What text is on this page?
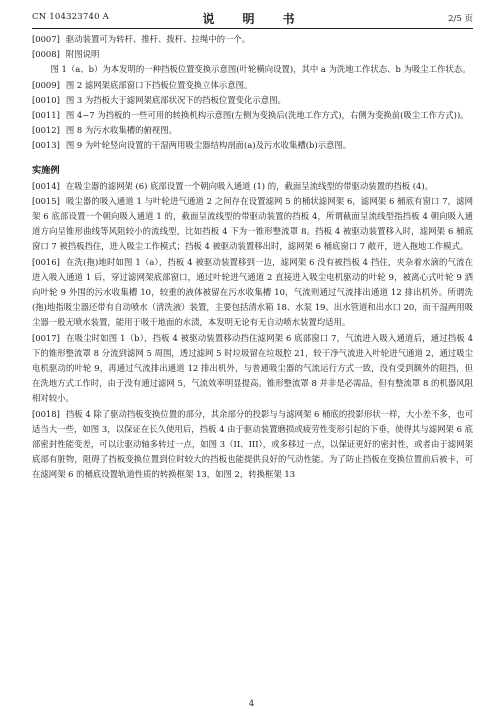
CN 104323740 A	说　明　书	2/5 页

[0007] 驱动装置可为转杆、推杆、拨杆、拉绳中的一个。

[0008] 附图说明

图 1（a、b）为本发明的一种挡板位置变换示意图(叶轮横向设置)，其中 a 为洗地工作状态、b 为吸尘工作状态。

[0009] 图 2 滤网架底部窗口下挡板位置变换立体示意图。

[0010] 图 3 为挡板大于滤网架底部状况下的挡板位置变化示意图。

[0011] 图 4~7 为挡板的一些可用的转换机构示意图(左侧为变换后(洗地工作方式)，右侧为变换前(吸尘工作方式))。

[0012] 图 8 为污水收集槽的俯视图。

[0013] 图 9 为叶轮竖向设置的干湿两用吸尘器结构剖面(a)及污水收集槽(b)示意图。

实施例

[0014] 在吸尘器的滤网架 (6) 底部设置一个朝向吸入通道 (1) 的，截面呈流线型的带驱动装置的挡板 (4)。

[0015] 吸尘器的吸入通道 1 与叶轮进气通道 2 之间存在设置滤网 5 的桶状滤网架 6，滤网架 6 桶底有窗口 7，滤网架 6 底部设置一个朝向吸入通道 1 的，截面呈流线型的带驱动装置的挡板 4，所谓截面呈流线型指挡板 4 朝向吸入通道方向呈锥形曲线等风阻较小的流线型，比如挡板 4 下为一锥形整流罩 8。挡板 4 被驱动装置移入时，滤网架 6 桶底窗口 7 被挡板挡住，进入吸尘工作模式；挡板 4 被驱动装置移出时，滤网架 6 桶底窗口 7 敞开，进入拖地工作模式。

[0016] 在洗(拖)地时如图 1（a），挡板 4 被驱动装置移到一边，滤网架 6 没有被挡板 4 挡住，夹杂着水滴的气流在进入吸入通道 1 后，穿过滤网架底部窗口，通过叶轮进气通道 2 直接进入吸尘电机驱动的叶轮 9，被离心式叶轮 9 洒向叶轮 9 外围的污水收集槽 10，较重的液体被留在污水收集槽 10，气流则通过气流排出通道 12 排出机外。所谓洗(拖)地指吸尘器还带有自动喷水（清洗液）装置，主要包括清水箱 18、水泵 19、出水管道和出水口 20，而干湿两用吸尘器一般无喷水装置，能用于吸干地面的水渍，本发明无论有无自动喷水装置均适用。

[0017] 在吸尘时如图 1（b），挡板 4 被驱动装置移动挡住滤网架 6 底部窗口 7，气流进入吸入通道后，通过挡板 4 下的锥形整流罩 8 分流到滤网 5 周围，透过滤网 5 时垃圾留在垃圾腔 21，较干净气流进入叶轮进气通道 2，通过吸尘电机驱动的叶轮 9，再通过气流排出通道 12 排出机外，与普通吸尘器的气流运行方式一致，没有受到额外的阻挡，但在洗地方式工作时，由于没有通过滤网 5，气流效率明显提高。锥形整流罩 8 并非是必需品，但有整流罩 8 的机器风阻相对较小。

[0018] 挡板 4 除了驱动挡板变换位置的部分，其余部分的投影与与滤网架 6 桶底的投影形状一样，大小差不多，也可适当大一些，如图 3，以保证在长久使用后，挡板 4 由于驱动装置磨损或疲劳性变形引起的下垂，使得其与滤网架 6 底部密封性能变差，可以让驱动轴多转过一点，如图 3（II、III），或多移过一点，以保证更好的密封性，或者由于滤网架底部有脏物，阻碍了挡板变换位置到位时较大的挡板也能提供良好的气动性能。为了防止挡板在变换位置前后被卡，可在滤网架 6 的桶底设置轨道性质的转换框架 13，如图 2，转换框架 13

4
